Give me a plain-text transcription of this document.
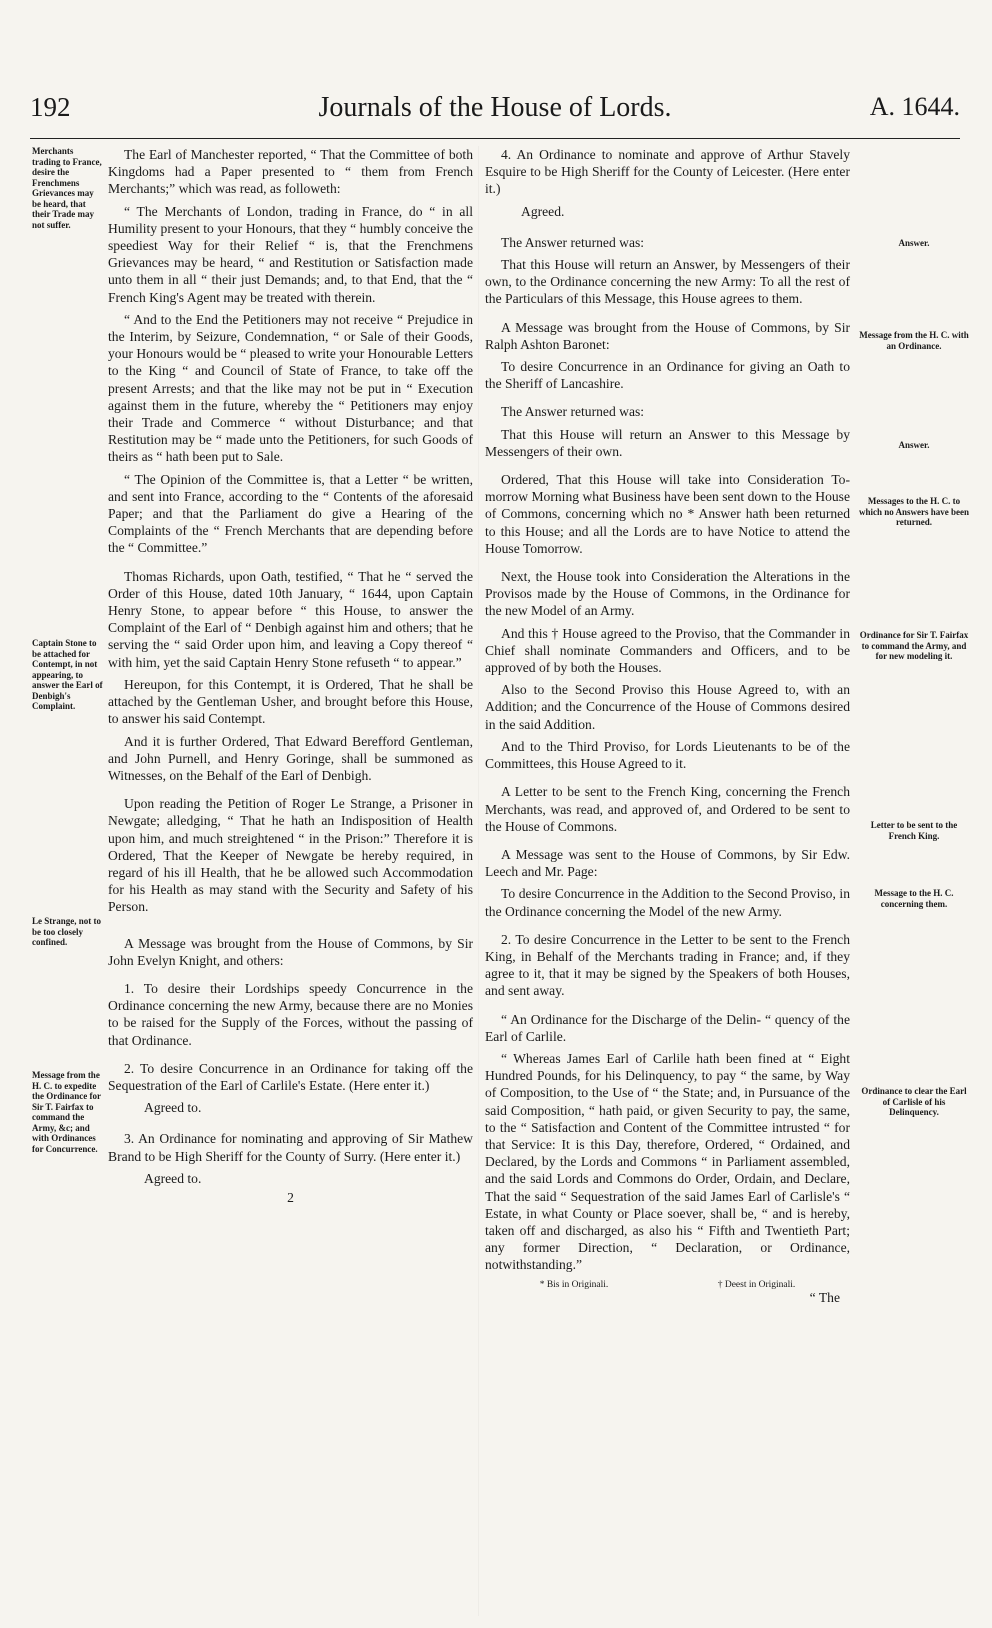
192	Journals of the House of Lords.	A. 1644.
Merchants trading to France, desire the Frenchmens Grievances may be heard, that their Trade may not suffer.
Captain Stone to be attached for Contempt, in not appearing, to answer the Earl of Denbigh's Complaint.
Le Strange, not to be too closely confined.
Message from the H. C. to expedite the Ordinance for Sir T. Fairfax to command the Army, &c; and with Ordinances for Concurrence.

The Earl of Manchester reported, “ That the Committee of both Kingdoms had a Paper presented to “ them from French Merchants;” which was read, as followeth:

“ The Merchants of London, trading in France, do “ in all Humility present to your Honours, that they “ humbly conceive the speediest Way for their Relief “ is, that the Frenchmens Grievances may be heard, “ and Restitution or Satisfaction made unto them in all “ their just Demands; and, to that End, that the “ French King's Agent may be treated with therein.

“ And to the End the Petitioners may not receive “ Prejudice in the Interim, by Seizure, Condemnation, “ or Sale of their Goods, your Honours would be “ pleased to write your Honourable Letters to the King “ and Council of State of France, to take off the present Arrests; and that the like may not be put in “ Execution against them in the future, whereby the “ Petitioners may enjoy their Trade and Commerce “ without Disturbance; and that Restitution may be “ made unto the Petitioners, for such Goods of theirs as “ hath been put to Sale.

“ The Opinion of the Committee is, that a Letter “ be written, and sent into France, according to the “ Contents of the aforesaid Paper; and that the Parliament do give a Hearing of the Complaints of the “ French Merchants that are depending before the “ Committee.”

Thomas Richards, upon Oath, testified, “ That he “ served the Order of this House, dated 10th January, “ 1644, upon Captain Henry Stone, to appear before “ this House, to answer the Complaint of the Earl of “ Denbigh against him and others; that he serving the “ said Order upon him, and leaving a Copy thereof “ with him, yet the said Captain Henry Stone refuseth “ to appear.”

Hereupon, for this Contempt, it is Ordered, That he shall be attached by the Gentleman Usher, and brought before this House, to answer his said Contempt.

And it is further Ordered, That Edward Berefford Gentleman, and John Purnell, and Henry Goringe, shall be summoned as Witnesses, on the Behalf of the Earl of Denbigh.

Upon reading the Petition of Roger Le Strange, a Prisoner in Newgate; alledging, “ That he hath an Indisposition of Health upon him, and much streightened “ in the Prison:” Therefore it is Ordered, That the Keeper of Newgate be hereby required, in regard of his ill Health, that he be allowed such Accommodation for his Health as may stand with the Security and Safety of his Person.

A Message was brought from the House of Commons, by Sir John Evelyn Knight, and others:

1. To desire their Lordships speedy Concurrence in the Ordinance concerning the new Army, because there are no Monies to be raised for the Supply of the Forces, without the passing of that Ordinance.

2. To desire Concurrence in an Ordinance for taking off the Sequestration of the Earl of Carlile's Estate. (Here enter it.)

Agreed to.

3. An Ordinance for nominating and approving of Sir Mathew Brand to be High Sheriff for the County of Surry. (Here enter it.)

Agreed to.

2

4. An Ordinance to nominate and approve of Arthur Stavely Esquire to be High Sheriff for the County of Leicester. (Here enter it.)

Agreed.

The Answer returned was:

That this House will return an Answer, by Messengers of their own, to the Ordinance concerning the new Army: To all the rest of the Particulars of this Message, this House agrees to them.

A Message was brought from the House of Commons, by Sir Ralph Ashton Baronet:

To desire Concurrence in an Ordinance for giving an Oath to the Sheriff of Lancashire.

The Answer returned was:

That this House will return an Answer to this Message by Messengers of their own.

Ordered, That this House will take into Consideration To-morrow Morning what Business have been sent down to the House of Commons, concerning which no * Answer hath been returned to this House; and all the Lords are to have Notice to attend the House Tomorrow.

Next, the House took into Consideration the Alterations in the Provisos made by the House of Commons, in the Ordinance for the new Model of an Army.

And this † House agreed to the Proviso, that the Commander in Chief shall nominate Commanders and Officers, and to be approved of by both the Houses.

Also to the Second Proviso this House Agreed to, with an Addition; and the Concurrence of the House of Commons desired in the said Addition.

And to the Third Proviso, for Lords Lieutenants to be of the Committees, this House Agreed to it.

A Letter to be sent to the French King, concerning the French Merchants, was read, and approved of, and Ordered to be sent to the House of Commons.

A Message was sent to the House of Commons, by Sir Edw. Leech and Mr. Page:

To desire Concurrence in the Addition to the Second Proviso, in the Ordinance concerning the Model of the new Army.

2. To desire Concurrence in the Letter to be sent to the French King, in Behalf of the Merchants trading in France; and, if they agree to it, that it may be signed by the Speakers of both Houses, and sent away.

“ An Ordinance for the Discharge of the Delin- “ quency of the Earl of Carlile.

“ Whereas James Earl of Carlile hath been fined at “ Eight Hundred Pounds, for his Delinquency, to pay “ the same, by Way of Composition, to the Use of “ the State; and, in Pursuance of the said Composition, “ hath paid, or given Security to pay, the same, to the “ Satisfaction and Content of the Committee intrusted “ for that Service: It is this Day, therefore, Ordered, “ Ordained, and Declared, by the Lords and Commons “ in Parliament assembled, and the said Lords and Commons do Order, Ordain, and Declare, That the said “ Sequestration of the said James Earl of Carlisle's “ Estate, in what County or Place soever, shall be, “ and is hereby, taken off and discharged, as also his “ Fifth and Twentieth Part; any former Direction, “ Declaration, or Ordinance, notwithstanding.”

* Bis in Originali.	† Deest in Originali.
“ The
Answer.
Message from the H. C. with an Ordinance.
Answer.
Messages to the H. C. to which no Answers have been returned.
Ordinance for Sir T. Fairfax to command the Army, and for new modeling it.
Letter to be sent to the French King.
Message to the H. C. concerning them.
Ordinance to clear the Earl of Carlisle of his Delinquency.
